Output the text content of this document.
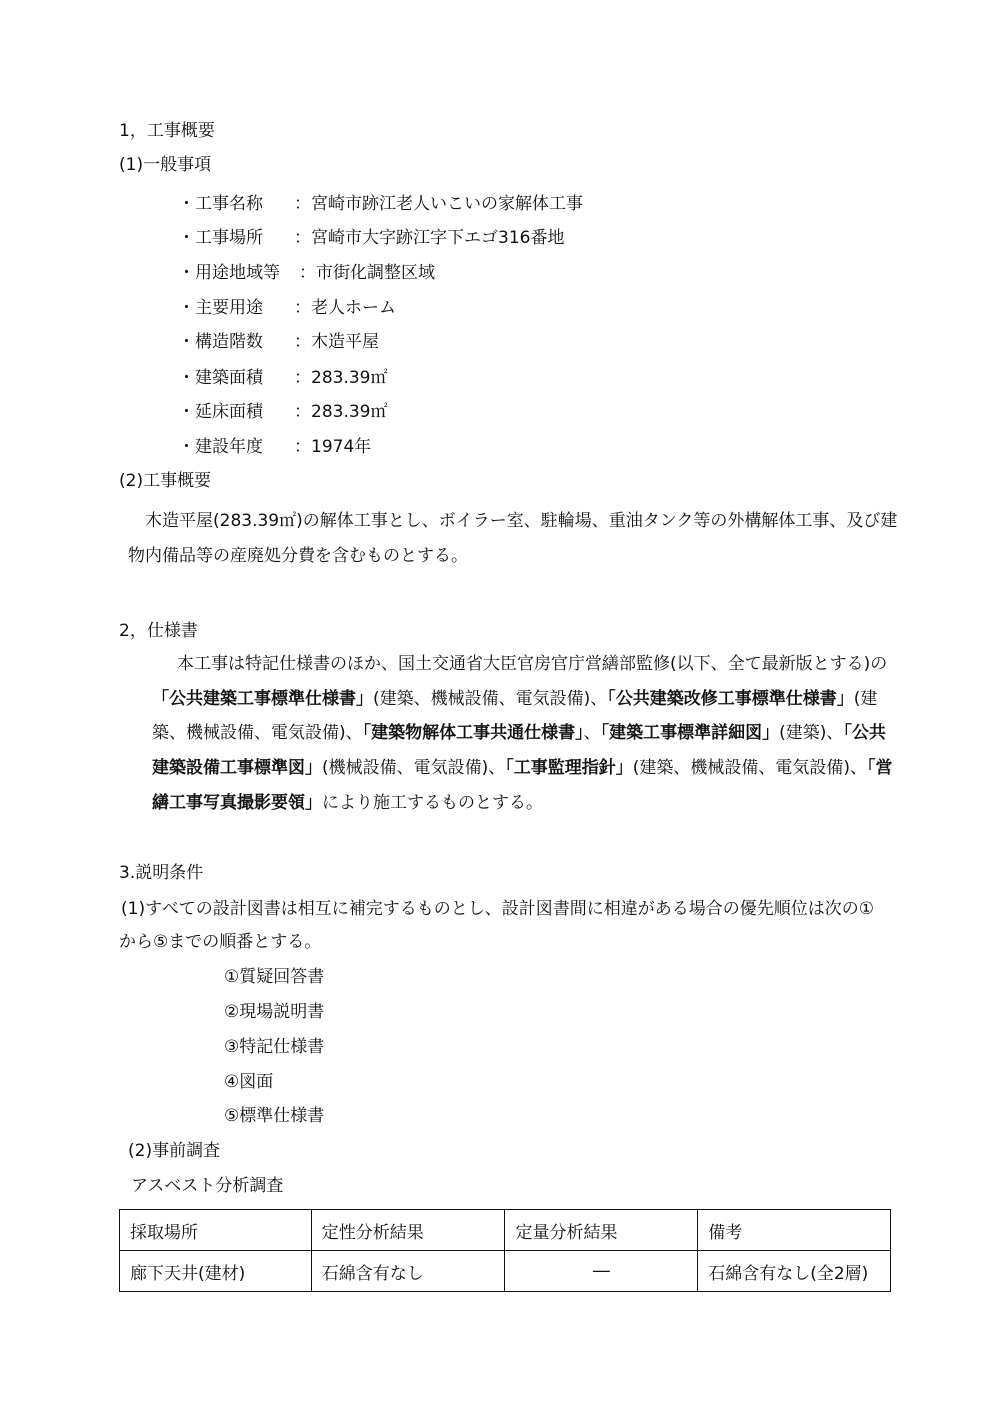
1，工事概要
(1)一般事項
・工事名称 ：宮崎市跡江老人いこいの家解体工事
・工事場所 ：宮崎市大字跡江字下エゴ316番地
・用途地域等 ：市街化調整区域
・主要用途 ：老人ホーム
・構造階数 ：木造平屋
・建築面積 ：283.39㎡
・延床面積 ：283.39㎡
・建設年度 ：1974年
(2)工事概要
木造平屋(283.39㎡)の解体工事とし、ボイラー室、駐輪場、重油タンク等の外構解体工事、及び建
物内備品等の産廃処分費を含むものとする。
2，仕様書
本工事は特記仕様書のほか、国土交通省大臣官房官庁営繕部監修(以下、全て最新版とする)の
「公共建築工事標準仕様書」(建築、機械設備、電気設備)、「公共建築改修工事標準仕様書」(建
築、機械設備、電気設備)、「建築物解体工事共通仕様書」、「建築工事標準詳細図」(建築)、「公共
建築設備工事標準図」(機械設備、電気設備)、「工事監理指針」(建築、機械設備、電気設備)、「営
繕工事写真撮影要領」により施工するものとする。
3.説明条件
(1)すべての設計図書は相互に補完するものとし、設計図書間に相違がある場合の優先順位は次の①
から⑤までの順番とする。
①質疑回答書
②現場説明書
③特記仕様書
④図面
⑤標準仕様書
(2)事前調査
アスベスト分析調査
採取場所	定性分析結果	定量分析結果	備考
廊下天井(建材)	石綿含有なし	―	石綿含有なし(全2層)
